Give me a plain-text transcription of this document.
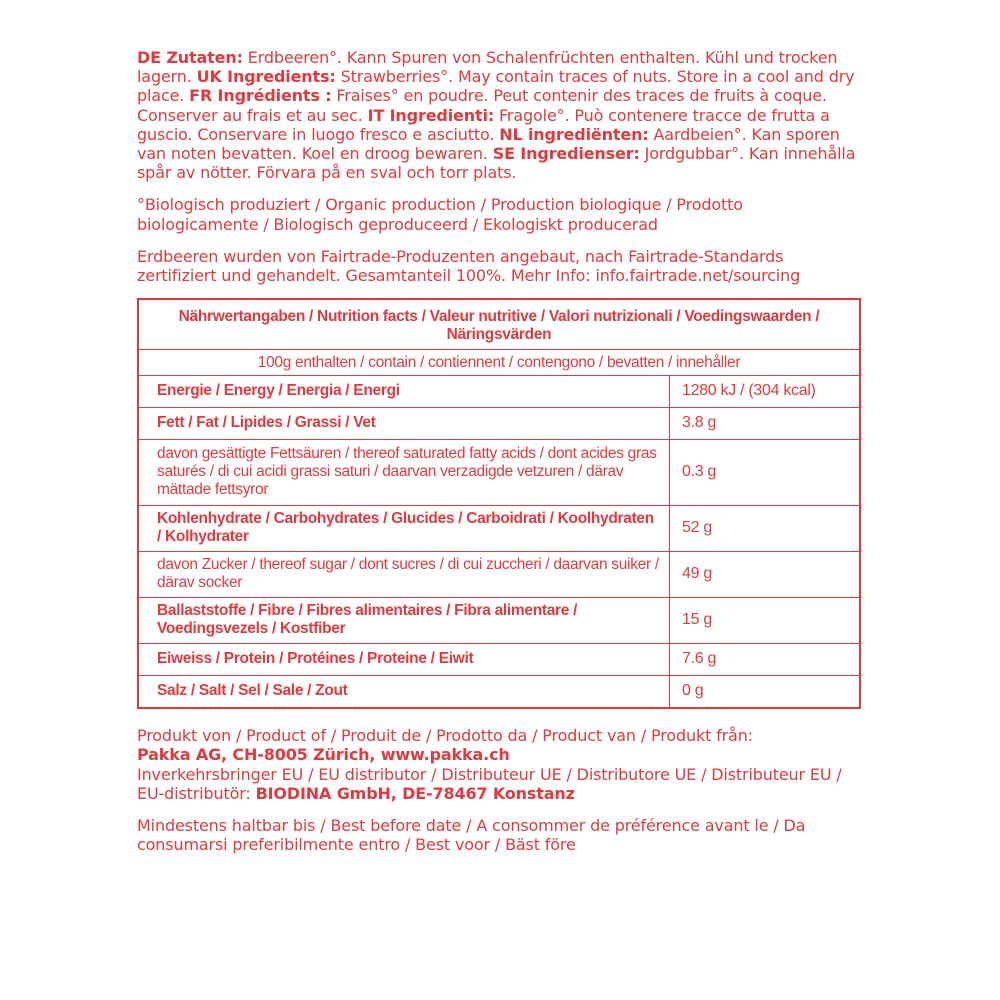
DE Zutaten: Erdbeeren°. Kann Spuren von Schalenfrüchten enthalten. Kühl und trocken lagern. UK Ingredients: Strawberries°. May contain traces of nuts. Store in a cool and dry place. FR Ingrédients : Fraises° en poudre. Peut contenir des traces de fruits à coque. Conserver au frais et au sec. IT Ingredienti: Fragole°. Può contenere tracce de frutta a guscio. Conservare in luogo fresco e asciutto. NL ingrediënten: Aardbeien°. Kan sporen van noten bevatten. Koel en droog bewaren. SE Ingredienser: Jordgubbar°. Kan innehålla spår av nötter. Förvara på en sval och torr plats.

°Biologisch produziert / Organic production / Production biologique / Prodotto biologicamente / Biologisch geproduceerd / Ekologiskt producerad

Erdbeeren wurden von Fairtrade-Produzenten angebaut, nach Fairtrade-Standards zertifiziert und gehandelt. Gesamtanteil 100%. Mehr Info: info.fairtrade.net/sourcing

Nährwertangaben / Nutrition facts / Valeur nutritive / Valori nutrizionali / Voedingswaarden / Näringsvärden	
100g enthalten / contain / contiennent / contengono / bevatten / innehåller	
Energie / Energy / Energia / Energi	1280 kJ / (304 kcal)
Fett / Fat / Lipides / Grassi / Vet	3.8 g
davon gesättigte Fettsäuren / thereof saturated fatty acids / dont acides gras saturés / di cui acidi grassi saturi / daarvan verzadigde vetzuren / därav mättade fettsyror	0.3 g
Kohlenhydrate / Carbohydrates / Glucides / Carboidrati / Koolhydraten / Kolhydrater	52 g
davon Zucker / thereof sugar / dont sucres / di cui zuccheri / daarvan suiker / därav socker	49 g
Ballaststoffe / Fibre / Fibres alimentaires / Fibra alimentare / Voedingsvezels / Kostfiber	15 g
Eiweiss / Protein / Protéines / Proteine / Eiwit	7.6 g
Salz / Salt / Sel / Sale / Zout	0 g

Produkt von / Product of / Produit de / Prodotto da / Product van / Produkt från:
Pakka AG, CH-8005 Zürich, www.pakka.ch
Inverkehrsbringer EU / EU distributor / Distributeur UE / Distributore UE / Distributeur EU / EU-distributör: BIODINA GmbH, DE-78467 Konstanz

Mindestens haltbar bis / Best before date / A consommer de préférence avant le / Da consumarsi preferibilmente entro / Best voor / Bäst före
